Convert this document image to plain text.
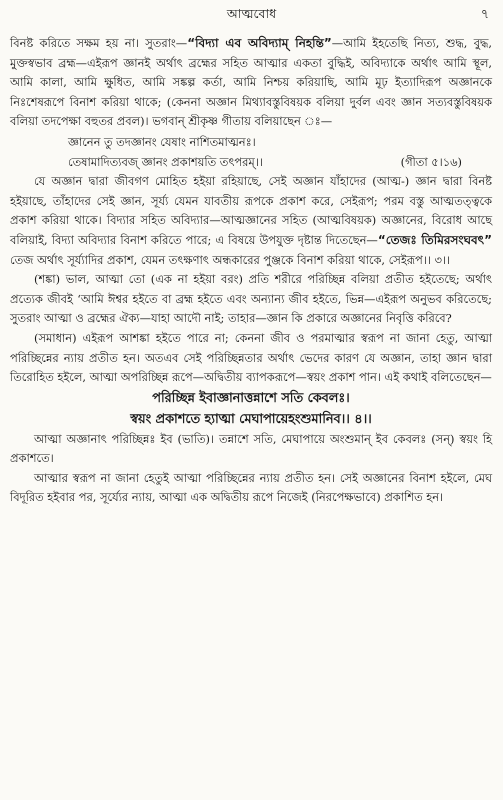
আত্মবোধ	৭

বিনষ্ট করিতে সক্ষম হয় না। সুতরাং—“বিদ্যা এব অবিদ্যাম্ নিহন্তি”—আমি ইহতেছি নিত্য, শুদ্ধ, বুদ্ধ, মুক্তস্বভাব ব্রহ্ম—এইরূপ জ্ঞানই অর্থাৎ ব্রহ্মের সহিত আত্মার একতা বুদ্ধিই, অবিদ্যাকে অর্থাৎ আমি স্থূল, আমি কালা, আমি ক্ষুধিত, আমি সঙ্কল্প কর্তা, আমি নিশ্চয় করিয়াছি, আমি মূঢ় ইত্যাদিরূপ অজ্ঞানকে নিঃশেষরূপে বিনাশ করিয়া থাকে; (কেননা অজ্ঞান মিথ্যাবস্তুবিষয়ক বলিয়া দুর্বল এবং জ্ঞান সত্যবস্তুবিষয়ক বলিয়া তদপেক্ষা বহুতর প্রবল)। ভগবান্ শ্রীকৃষ্ণ গীতায় বলিয়াছেন ঃ—

জ্ঞানেন তু তদজ্ঞানং যেষাং নাশিতমাত্মনঃ।
তেষামাদিত্যবজ্ জ্ঞানং প্রকাশয়তি তৎপরম্।।	(গীতা ৫।১৬)

যে অজ্ঞান দ্বারা জীবগণ মোহিত হইয়া রহিয়াছে, সেই অজ্ঞান যাঁহাদের (আত্ম-) জ্ঞান দ্বারা বিনষ্ট হইয়াছে, তাঁহাদের সেই জ্ঞান, সূর্য্য যেমন যাবতীয় রূপকে প্রকাশ করে, সেইরূপ; পরম বস্তু আত্মতত্ত্বকে প্রকাশ করিয়া থাকে। বিদ্যার সহিত অবিদ্যার—আত্মজ্ঞানের সহিত (আত্মবিষয়ক) অজ্ঞানের, বিরোধ আছে বলিয়াই, বিদ্যা অবিদ্যার বিনাশ করিতে পারে; এ বিষয়ে উপযুক্ত দৃষ্টান্ত দিতেছেন—“তেজঃ তিমিরসংঘবৎ” তেজ অর্থাৎ সূর্য্যাদির প্রকাশ, যেমন তৎক্ষণাৎ অন্ধকারের পুঞ্জকে বিনাশ করিয়া থাকে, সেইরূপ।। ৩।।

(শঙ্কা) ভাল, আত্মা তো (এক না হইয়া বরং) প্রতি শরীরে পরিচ্ছিন্ন বলিয়া প্রতীত হইতেছে; অর্থাৎ প্রত্যেক জীবই ‘আমি ঈশ্বর হইতে বা ব্রহ্ম হইতে এবং অন্যান্য জীব হইতে, ভিন্ন—এইরূপ অনুভব করিতেছে; সুতরাং আত্মা ও ব্রহ্মের ঐক্য—যাহা আদৌ নাই; তাহার—জ্ঞান কি প্রকারে অজ্ঞানের নিবৃত্তি করিবে?

(সমাধান) এইরূপ আশঙ্কা হইতে পারে না; কেননা জীব ও পরমাত্মার স্বরূপ না জানা হেতু, আত্মা পরিচ্ছিন্নের ন্যায় প্রতীত হন। অতএব সেই পরিচ্ছিন্নতার অর্থাৎ ভেদের কারণ যে অজ্ঞান, তাহা জ্ঞান দ্বারা তিরোহিত হইলে, আত্মা অপরিচ্ছিন্ন রূপে—অদ্বিতীয় ব্যাপকরূপে—স্বয়ং প্রকাশ পান। এই কথাই বলিতেছেন—

পরিচ্ছিন্ন ইবাজ্ঞানাত্তন্নাশে সতি কেবলঃ।
স্বয়ং প্রকাশতে হ্যাত্মা মেঘাপায়েহংশুমানিব।। ৪।।

আত্মা অজ্ঞানাৎ পরিচ্ছিন্নঃ ইব (ভাতি)। তন্নাশে সতি, মেঘাপায়ে অংশুমান্ ইব কেবলঃ (সন্) স্বয়ং হি প্রকাশতে।

আত্মার স্বরূপ না জানা হেতুই আত্মা পরিচ্ছিন্নের ন্যায় প্রতীত হন। সেই অজ্ঞানের বিনাশ হইলে, মেঘ বিদূরিত হইবার পর, সূর্য্যের ন্যায়, আত্মা এক অদ্বিতীয় রূপে নিজেই (নিরপেক্ষভাবে) প্রকাশিত হন।
